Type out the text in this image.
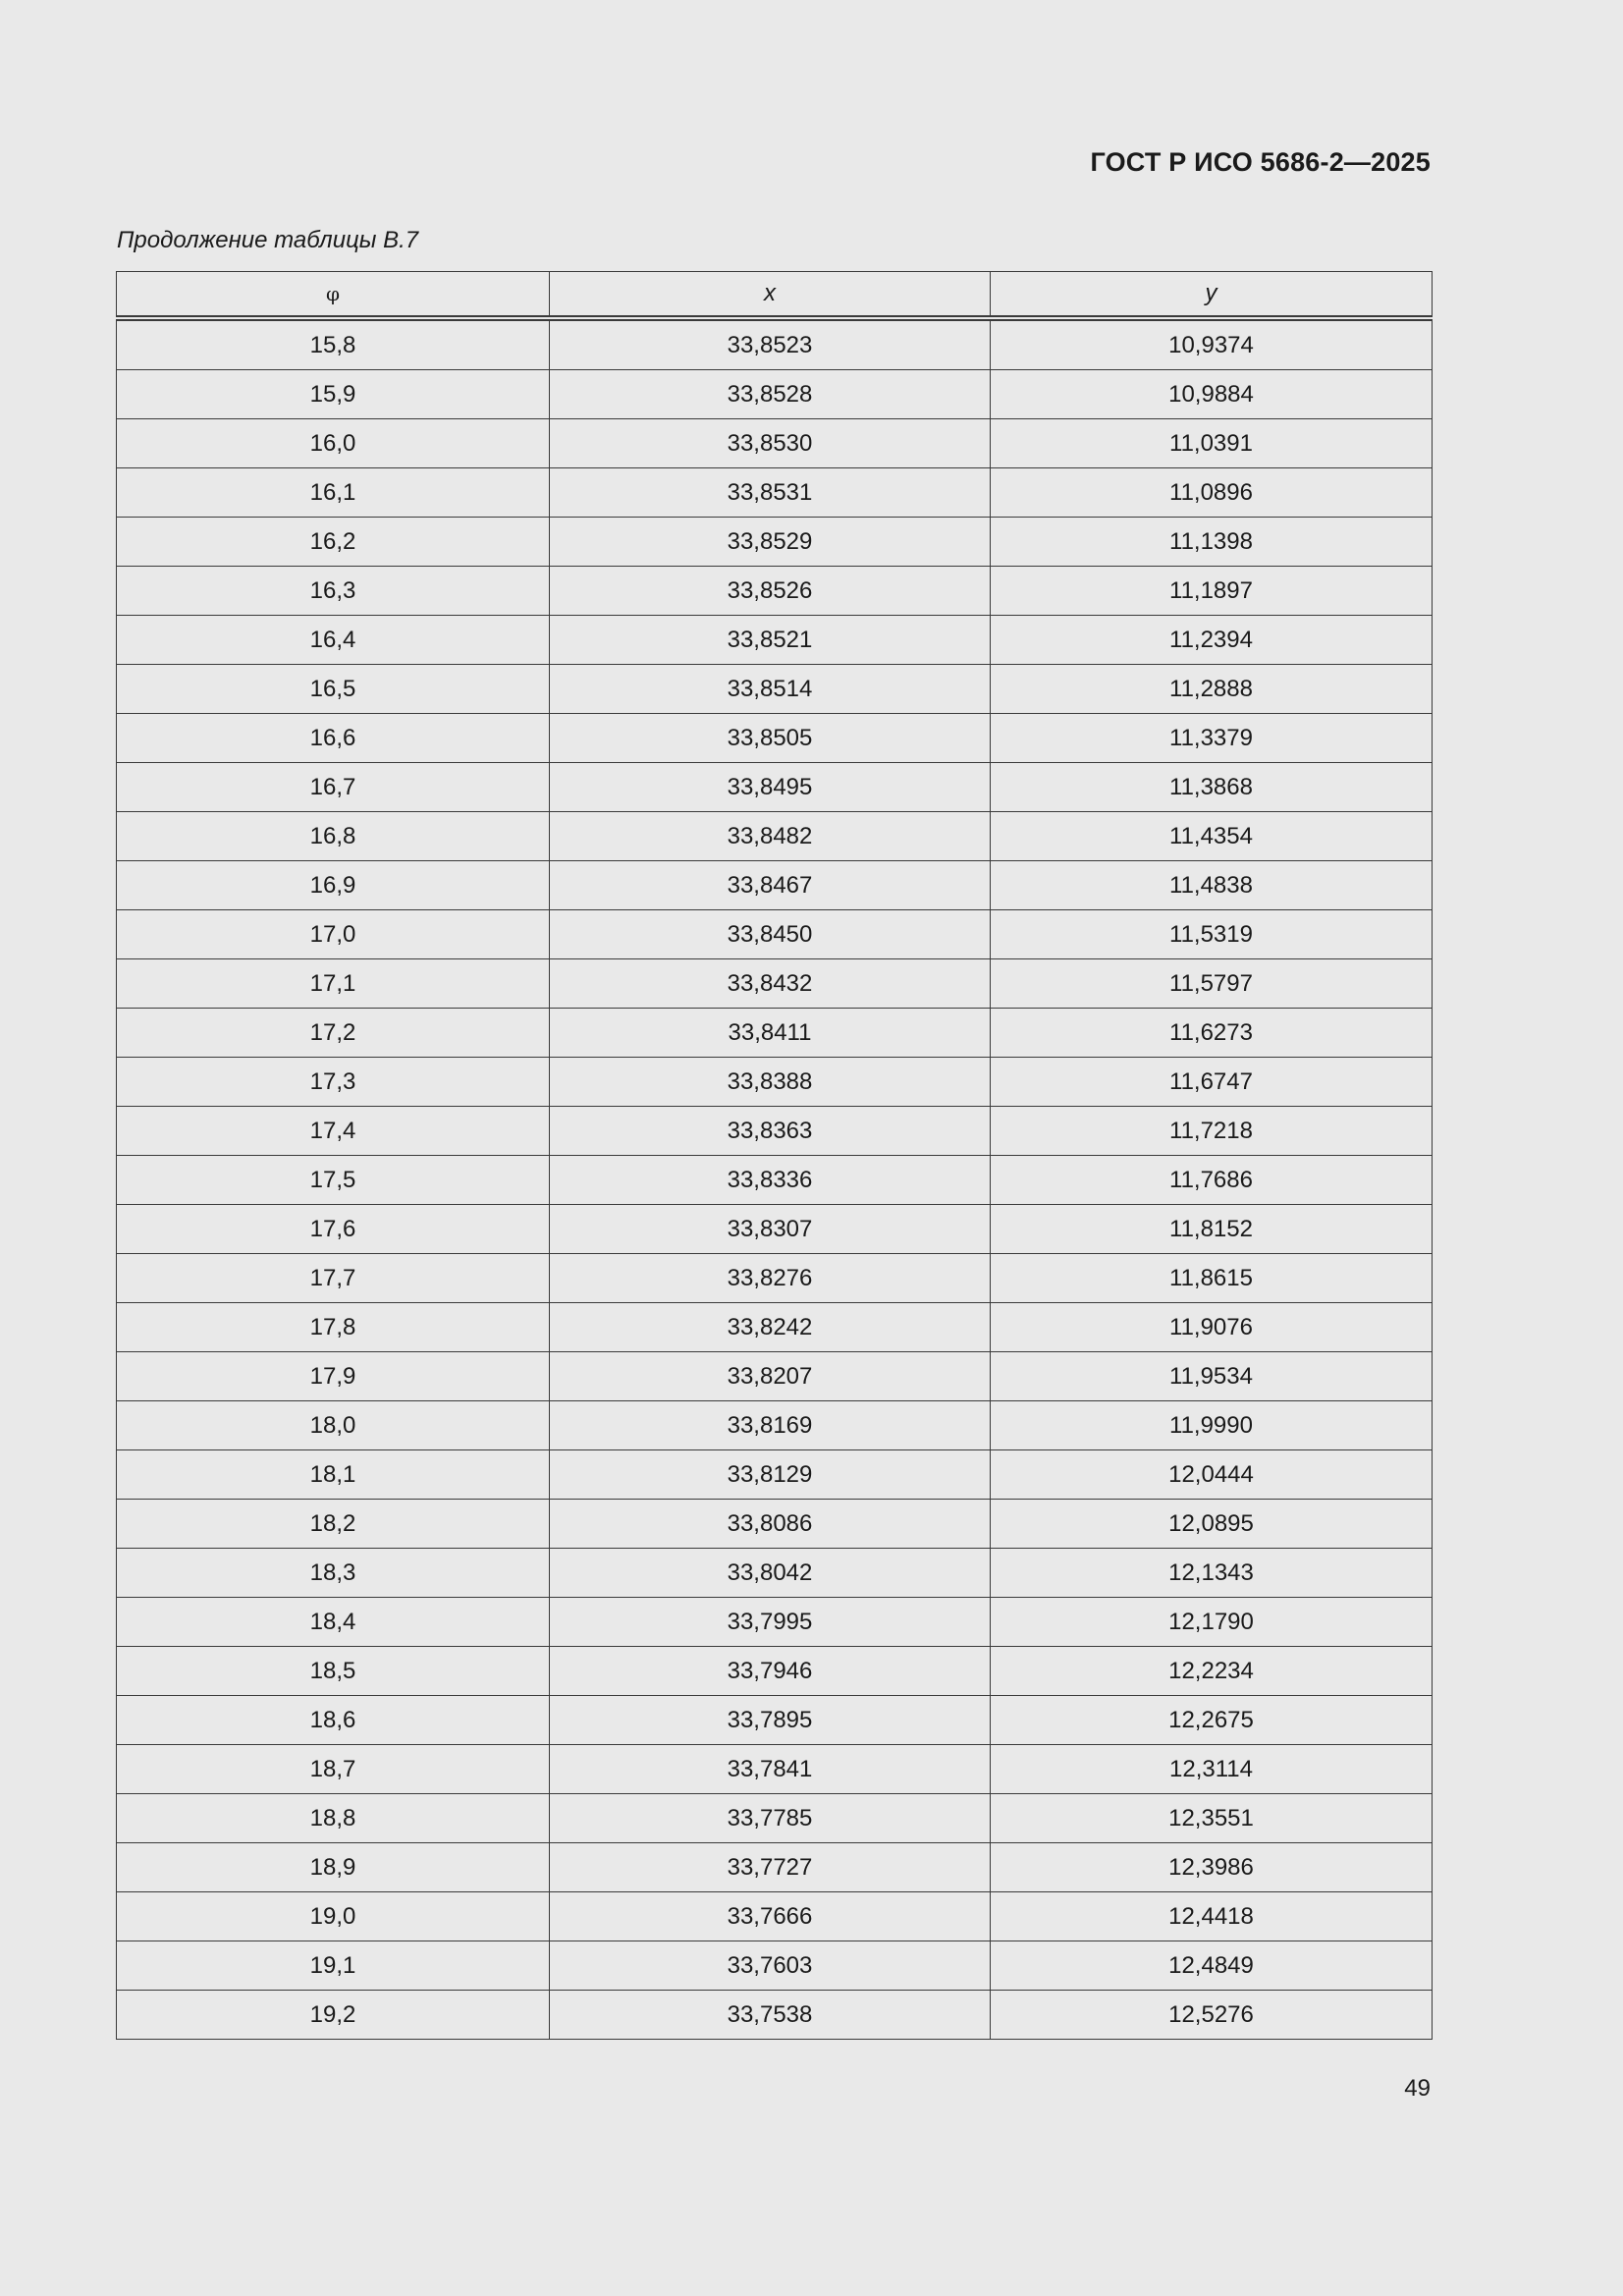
ГОСТ Р ИСО 5686-2—2025
Продолжение таблицы В.7
φ	x	y
15,8	33,8523	10,9374
15,9	33,8528	10,9884
16,0	33,8530	11,0391
16,1	33,8531	11,0896
16,2	33,8529	11,1398
16,3	33,8526	11,1897
16,4	33,8521	11,2394
16,5	33,8514	11,2888
16,6	33,8505	11,3379
16,7	33,8495	11,3868
16,8	33,8482	11,4354
16,9	33,8467	11,4838
17,0	33,8450	11,5319
17,1	33,8432	11,5797
17,2	33,8411	11,6273
17,3	33,8388	11,6747
17,4	33,8363	11,7218
17,5	33,8336	11,7686
17,6	33,8307	11,8152
17,7	33,8276	11,8615
17,8	33,8242	11,9076
17,9	33,8207	11,9534
18,0	33,8169	11,9990
18,1	33,8129	12,0444
18,2	33,8086	12,0895
18,3	33,8042	12,1343
18,4	33,7995	12,1790
18,5	33,7946	12,2234
18,6	33,7895	12,2675
18,7	33,7841	12,3114
18,8	33,7785	12,3551
18,9	33,7727	12,3986
19,0	33,7666	12,4418
19,1	33,7603	12,4849
19,2	33,7538	12,5276
49
